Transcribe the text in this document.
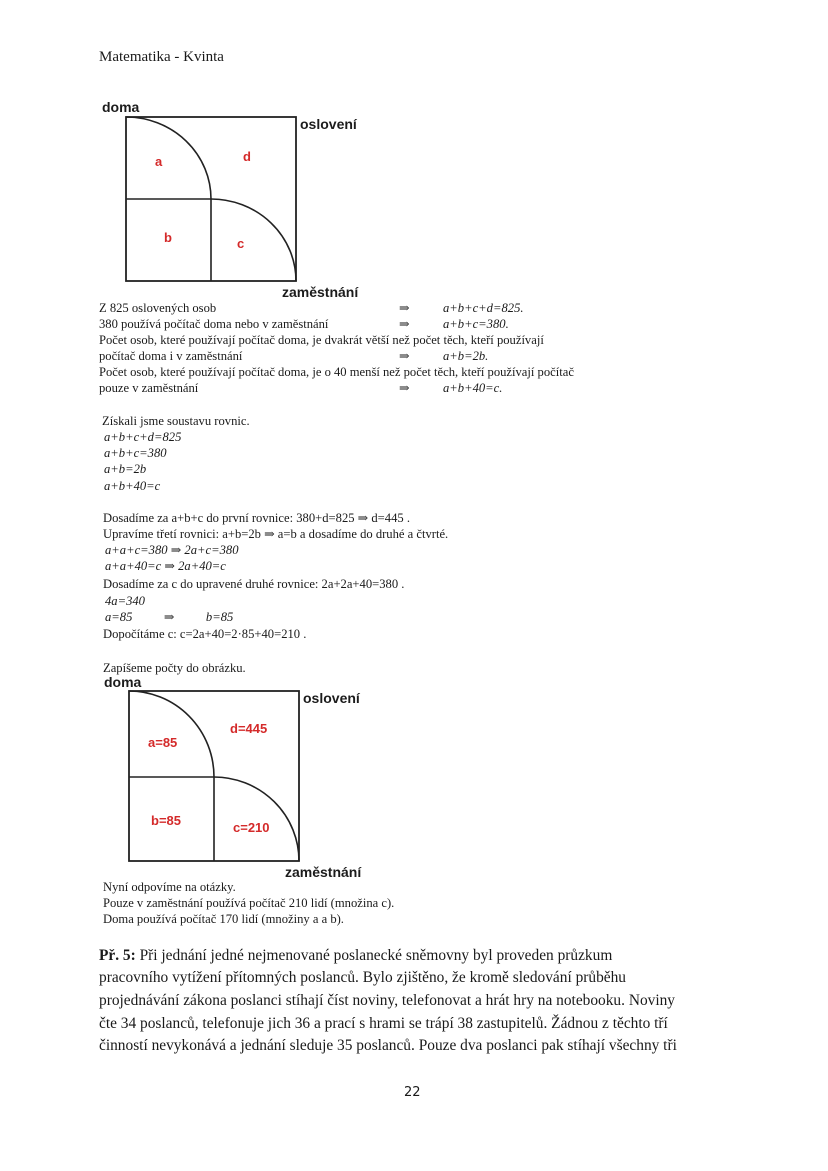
Matematika - Kvinta
doma
oslovení
zaměstnání
a	d
b	c
Z 825 oslovených osob	⇒	a+b+c+d=825.
380 používá počítač doma nebo v zaměstnání	⇒	a+b+c=380.
Počet osob, které používají počítač doma, je dvakrát větší než počet těch, kteří používají
počítač doma i v zaměstnání	⇒	a+b=2b.
Počet osob, které používají počítač doma, je o 40 menší než počet těch, kteří používají počítač
pouze v zaměstnání	⇒	a+b+40=c.
Získali jsme soustavu rovnic.
a+b+c+d=825
a+b+c=380
a+b=2b
a+b+40=c
Dosadíme za a+b+c do první rovnice: 380+d=825 ⇒ d=445 .
Upravíme třetí rovnici: a+b=2b ⇒ a=b a dosadíme do druhé a čtvrté.
a+a+c=380 ⇒ 2a+c=380
a+a+40=c ⇒ 2a+40=c
Dosadíme za c do upravené druhé rovnice: 2a+2a+40=380 .
4a=340
a=85          ⇒          b=85
Dopočítáme c: c=2a+40=2·85+40=210 .
Zapíšeme počty do obrázku.
doma
oslovení
zaměstnání
a=85
d=445
b=85	c=210
Nyní odpovíme na otázky.
Pouze v zaměstnání používá počítač 210 lidí (množina c).
Doma používá počítač 170 lidí (množiny a a b).
Př. 5: Při jednání jedné nejmenované poslanecké sněmovny byl proveden průzkum
pracovního vytížení přítomných poslanců. Bylo zjištěno, že kromě sledování průběhu
projednávání zákona poslanci stíhají číst noviny, telefonovat a hrát hry na notebooku. Noviny
čte 34 poslanců, telefonuje jich 36 a prací s hrami se trápí 38 zastupitelů. Žádnou z těchto tří
činností nevykonává a jednání sleduje 35 poslanců. Pouze dva poslanci pak stíhají všechny tři
22
